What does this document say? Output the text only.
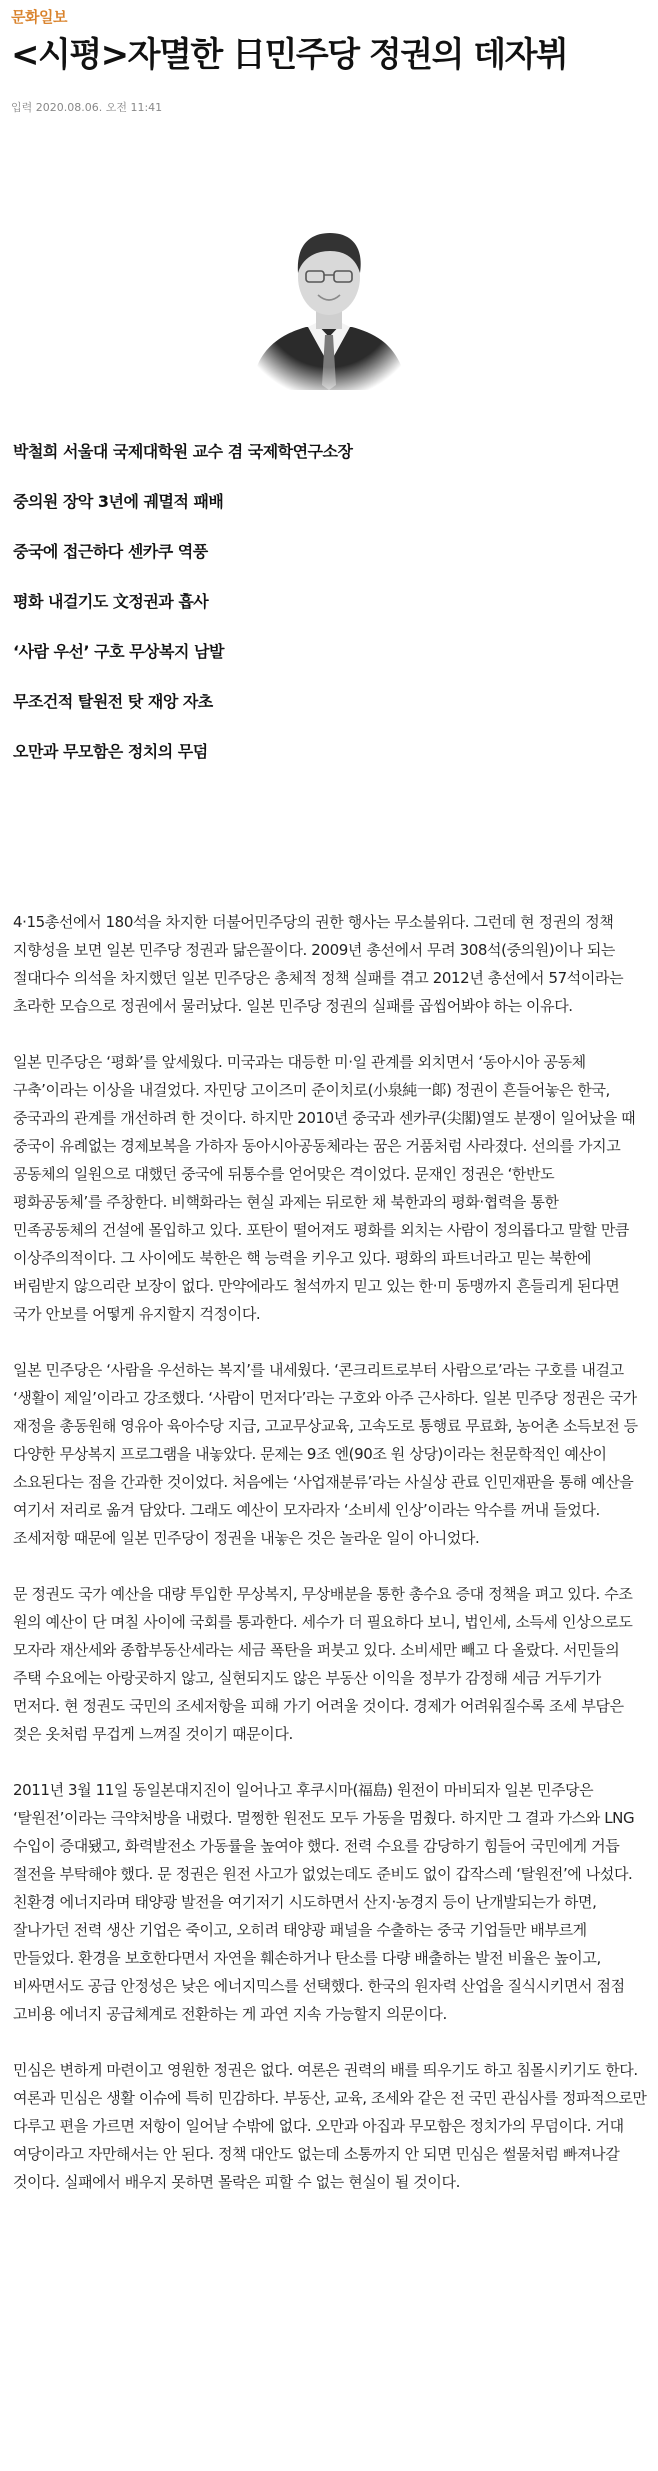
문화일보
<시평>자멸한 日민주당 정권의 데자뷔
입력 2020.08.06. 오전 11:41

박철희 서울대 국제대학원 교수 겸 국제학연구소장

중의원 장악 3년에 궤멸적 패배

중국에 접근하다 센카쿠 역풍

평화 내걸기도 文정권과 흡사

‘사람 우선’ 구호 무상복지 남발

무조건적 탈원전 탓 재앙 자초

오만과 무모함은 정치의 무덤

4·15총선에서 180석을 차지한 더불어민주당의 권한 행사는 무소불위다. 그런데 현 정권의 정책 지향성을 보면 일본 민주당 정권과 닮은꼴이다. 2009년 총선에서 무려 308석(중의원)이나 되는 절대다수 의석을 차지했던 일본 민주당은 총체적 정책 실패를 겪고 2012년 총선에서 57석이라는 초라한 모습으로 정권에서 물러났다. 일본 민주당 정권의 실패를 곱씹어봐야 하는 이유다.

일본 민주당은 ‘평화’를 앞세웠다. 미국과는 대등한 미·일 관계를 외치면서 ‘동아시아 공동체 구축’이라는 이상을 내걸었다. 자민당 고이즈미 준이치로(小泉純一郞) 정권이 흔들어놓은 한국, 중국과의 관계를 개선하려 한 것이다. 하지만 2010년 중국과 센카쿠(尖閣)열도 분쟁이 일어났을 때 중국이 유례없는 경제보복을 가하자 동아시아공동체라는 꿈은 거품처럼 사라졌다. 선의를 가지고 공동체의 일원으로 대했던 중국에 뒤통수를 얻어맞은 격이었다. 문재인 정권은 ‘한반도 평화공동체’를 주창한다. 비핵화라는 현실 과제는 뒤로한 채 북한과의 평화·협력을 통한 민족공동체의 건설에 몰입하고 있다. 포탄이 떨어져도 평화를 외치는 사람이 정의롭다고 말할 만큼 이상주의적이다. 그 사이에도 북한은 핵 능력을 키우고 있다. 평화의 파트너라고 믿는 북한에 버림받지 않으리란 보장이 없다. 만약에라도 철석까지 믿고 있는 한·미 동맹까지 흔들리게 된다면 국가 안보를 어떻게 유지할지 걱정이다.

일본 민주당은 ‘사람을 우선하는 복지’를 내세웠다. ‘콘크리트로부터 사람으로’라는 구호를 내걸고 ‘생활이 제일’이라고 강조했다. ‘사람이 먼저다’라는 구호와 아주 근사하다. 일본 민주당 정권은 국가 재정을 총동원해 영유아 육아수당 지급, 고교무상교육, 고속도로 통행료 무료화, 농어촌 소득보전 등 다양한 무상복지 프로그램을 내놓았다. 문제는 9조 엔(90조 원 상당)이라는 천문학적인 예산이 소요된다는 점을 간과한 것이었다. 처음에는 ‘사업재분류’라는 사실상 관료 인민재판을 통해 예산을 여기서 저리로 옮겨 담았다. 그래도 예산이 모자라자 ‘소비세 인상’이라는 악수를 꺼내 들었다. 조세저항 때문에 일본 민주당이 정권을 내놓은 것은 놀라운 일이 아니었다.

문 정권도 국가 예산을 대량 투입한 무상복지, 무상배분을 통한 총수요 증대 정책을 펴고 있다. 수조 원의 예산이 단 며칠 사이에 국회를 통과한다. 세수가 더 필요하다 보니, 법인세, 소득세 인상으로도 모자라 재산세와 종합부동산세라는 세금 폭탄을 퍼붓고 있다. 소비세만 빼고 다 올랐다. 서민들의 주택 수요에는 아랑곳하지 않고, 실현되지도 않은 부동산 이익을 정부가 감정해 세금 거두기가 먼저다. 현 정권도 국민의 조세저항을 피해 가기 어려울 것이다. 경제가 어려워질수록 조세 부담은 젖은 옷처럼 무겁게 느껴질 것이기 때문이다.

2011년 3월 11일 동일본대지진이 일어나고 후쿠시마(福島) 원전이 마비되자 일본 민주당은 ‘탈원전’이라는 극약처방을 내렸다. 멀쩡한 원전도 모두 가동을 멈췄다. 하지만 그 결과 가스와 LNG 수입이 증대됐고, 화력발전소 가동률을 높여야 했다. 전력 수요를 감당하기 힘들어 국민에게 거듭 절전을 부탁해야 했다. 문 정권은 원전 사고가 없었는데도 준비도 없이 갑작스레 ‘탈원전’에 나섰다. 친환경 에너지라며 태양광 발전을 여기저기 시도하면서 산지·농경지 등이 난개발되는가 하면, 잘나가던 전력 생산 기업은 죽이고, 오히려 태양광 패널을 수출하는 중국 기업들만 배부르게 만들었다. 환경을 보호한다면서 자연을 훼손하거나 탄소를 다량 배출하는 발전 비율은 높이고, 비싸면서도 공급 안정성은 낮은 에너지믹스를 선택했다. 한국의 원자력 산업을 질식시키면서 점점 고비용 에너지 공급체계로 전환하는 게 과연 지속 가능할지 의문이다.

민심은 변하게 마련이고 영원한 정권은 없다. 여론은 권력의 배를 띄우기도 하고 침몰시키기도 한다. 여론과 민심은 생활 이슈에 특히 민감하다. 부동산, 교육, 조세와 같은 전 국민 관심사를 정파적으로만 다루고 편을 가르면 저항이 일어날 수밖에 없다. 오만과 아집과 무모함은 정치가의 무덤이다. 거대 여당이라고 자만해서는 안 된다. 정책 대안도 없는데 소통까지 안 되면 민심은 썰물처럼 빠져나갈 것이다. 실패에서 배우지 못하면 몰락은 피할 수 없는 현실이 될 것이다.
